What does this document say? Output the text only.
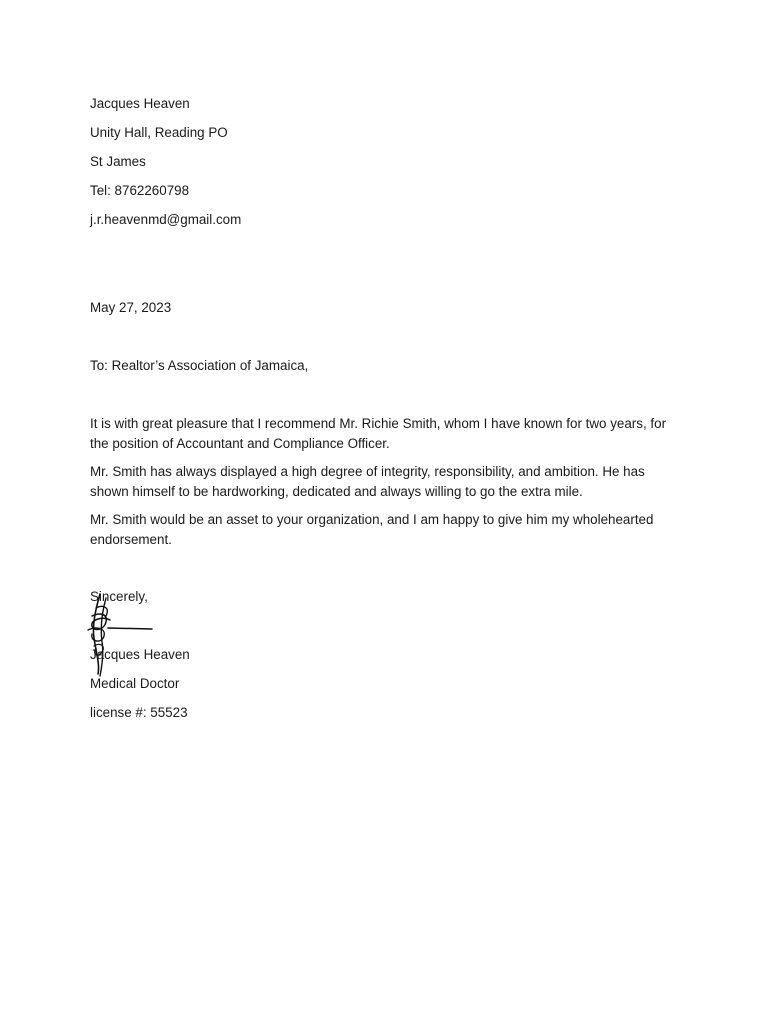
Jacques Heaven
Unity Hall, Reading PO
St James
Tel: 8762260798
j.r.heavenmd@gmail.com
May 27, 2023
To: Realtor’s Association of Jamaica,
It is with great pleasure that I recommend Mr. Richie Smith, whom I have known for two years, for the position of Accountant and Compliance Officer.
Mr. Smith has always displayed a high degree of integrity, responsibility, and ambition. He has shown himself to be hardworking, dedicated and always willing to go the extra mile.
Mr. Smith would be an asset to your organization, and I am happy to give him my wholehearted endorsement.
Sincerely,
Jacques Heaven
Medical Doctor
license #: 55523
